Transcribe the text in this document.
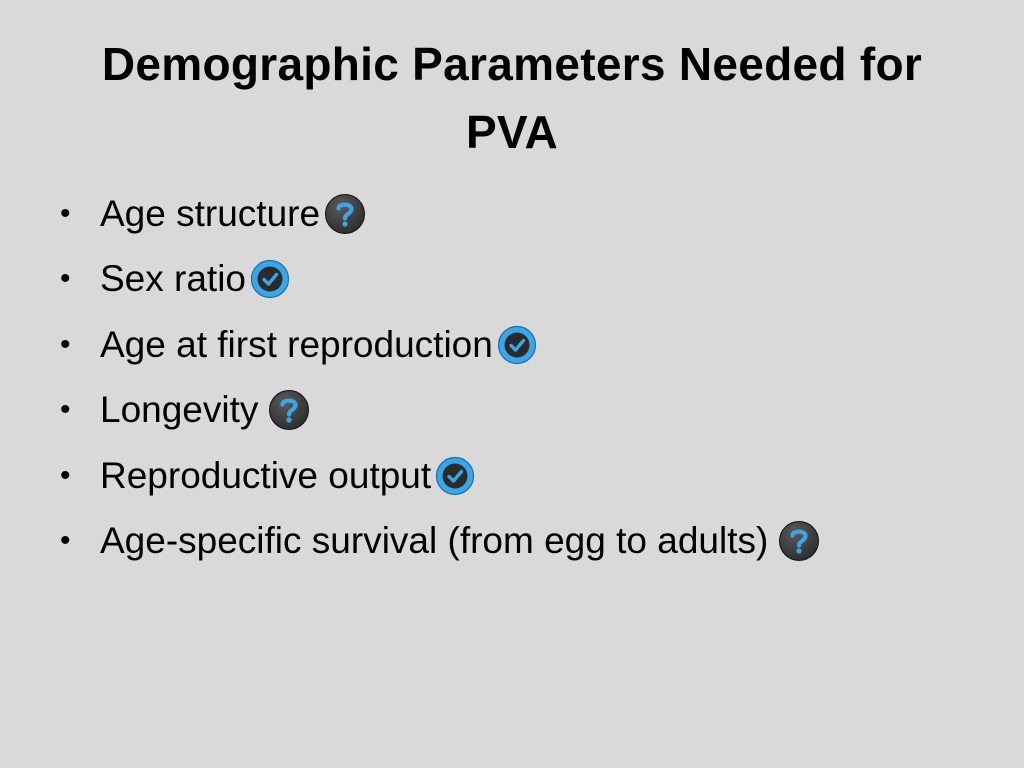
Demographic Parameters Needed for
PVA
• Age structure
• Sex ratio
• Age at first reproduction
• Longevity
• Reproductive output
• Age-specific survival (from egg to adults)
